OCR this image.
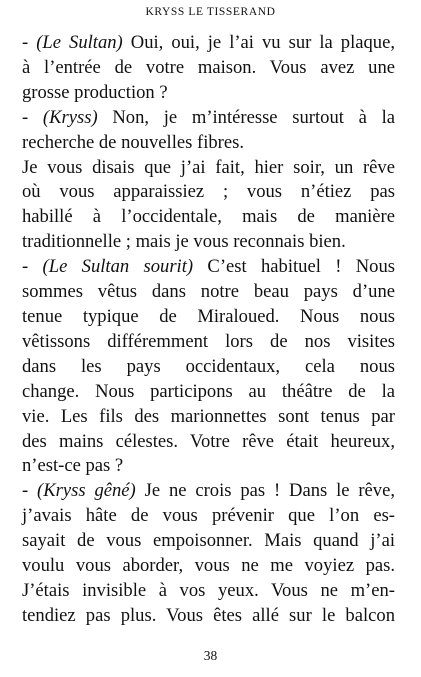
KRYSS LE TISSERAND

- (Le Sultan) Oui, oui, je l’ai vu sur la plaque,
à l’entrée de votre maison. Vous avez une
grosse production ?

- (Kryss) Non, je m’intéresse surtout à la
recherche de nouvelles fibres.

Je vous disais que j’ai fait, hier soir, un rêve
où vous apparaissiez ; vous n’étiez pas
habillé à l’occidentale, mais de manière
traditionnelle ; mais je vous reconnais bien.

- (Le Sultan sourit) C’est habituel ! Nous
sommes vêtus dans notre beau pays d’une
tenue typique de Miraloued. Nous nous
vêtissons différemment lors de nos visites
dans les pays occidentaux, cela nous
change. Nous participons au théâtre de la
vie. Les fils des marionnettes sont tenus par
des mains célestes. Votre rêve était heureux,
n’est-ce pas ?

- (Kryss gêné) Je ne crois pas ! Dans le rêve,
j’avais hâte de vous prévenir que l’on es-
sayait de vous empoisonner. Mais quand j’ai
voulu vous aborder, vous ne me voyiez pas.
J’étais invisible à vos yeux. Vous ne m’en-
tendiez pas plus. Vous êtes allé sur le balcon

38
